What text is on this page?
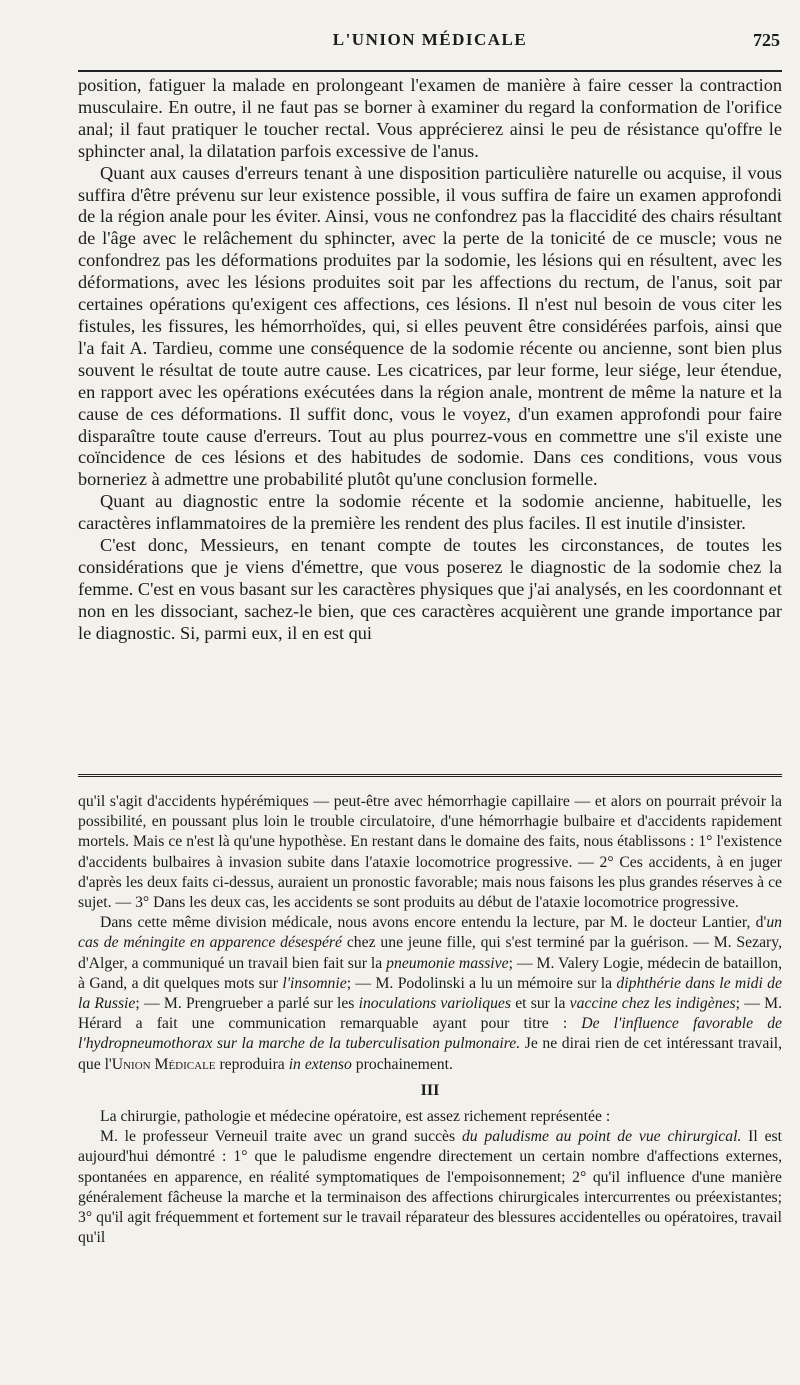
L'UNION MÉDICALE	725

position, fatiguer la malade en prolongeant l'examen de manière à faire cesser la contraction musculaire. En outre, il ne faut pas se borner à examiner du regard la conformation de l'orifice anal; il faut pratiquer le toucher rectal. Vous apprécierez ainsi le peu de résistance qu'offre le sphincter anal, la dilatation parfois excessive de l'anus.

Quant aux causes d'erreurs tenant à une disposition particulière naturelle ou acquise, il vous suffira d'être prévenu sur leur existence possible, il vous suffira de faire un examen approfondi de la région anale pour les éviter. Ainsi, vous ne confondrez pas la flaccidité des chairs résultant de l'âge avec le relâchement du sphincter, avec la perte de la tonicité de ce muscle; vous ne confondrez pas les déformations produites par la sodomie, les lésions qui en résultent, avec les déformations, avec les lésions produites soit par les affections du rectum, de l'anus, soit par certaines opérations qu'exigent ces affections, ces lésions. Il n'est nul besoin de vous citer les fistules, les fissures, les hémorrhoïdes, qui, si elles peuvent être considérées parfois, ainsi que l'a fait A. Tardieu, comme une conséquence de la sodomie récente ou ancienne, sont bien plus souvent le résultat de toute autre cause. Les cicatrices, par leur forme, leur siége, leur étendue, en rapport avec les opérations exécutées dans la région anale, montrent de même la nature et la cause de ces déformations. Il suffit donc, vous le voyez, d'un examen approfondi pour faire disparaître toute cause d'erreurs. Tout au plus pourrez-vous en commettre une s'il existe une coïncidence de ces lésions et des habitudes de sodomie. Dans ces conditions, vous vous borneriez à admettre une probabilité plutôt qu'une conclusion formelle.

Quant au diagnostic entre la sodomie récente et la sodomie ancienne, habituelle, les caractères inflammatoires de la première les rendent des plus faciles. Il est inutile d'insister.

C'est donc, Messieurs, en tenant compte de toutes les circonstances, de toutes les considérations que je viens d'émettre, que vous poserez le diagnostic de la sodomie chez la femme. C'est en vous basant sur les caractères physiques que j'ai analysés, en les coordonnant et non en les dissociant, sachez-le bien, que ces caractères acquièrent une grande importance par le diagnostic. Si, parmi eux, il en est qui

qu'il s'agit d'accidents hypérémiques — peut-être avec hémorrhagie capillaire — et alors on pourrait prévoir la possibilité, en poussant plus loin le trouble circulatoire, d'une hémorrhagie bulbaire et d'accidents rapidement mortels. Mais ce n'est là qu'une hypothèse. En restant dans le domaine des faits, nous établissons : 1° l'existence d'accidents bulbaires à invasion subite dans l'ataxie locomotrice progressive. — 2° Ces accidents, à en juger d'après les deux faits ci-dessus, auraient un pronostic favorable; mais nous faisons les plus grandes réserves à ce sujet. — 3° Dans les deux cas, les accidents se sont produits au début de l'ataxie locomotrice progressive.

Dans cette même division médicale, nous avons encore entendu la lecture, par M. le docteur Lantier, d'un cas de méningite en apparence désespéré chez une jeune fille, qui s'est terminé par la guérison. — M. Sezary, d'Alger, a communiqué un travail bien fait sur la pneumonie massive; — M. Valery Logie, médecin de bataillon, à Gand, a dit quelques mots sur l'insomnie; — M. Podolinski a lu un mémoire sur la diphthérie dans le midi de la Russie; — M. Prengrueber a parlé sur les inoculations varioliques et sur la vaccine chez les indigènes; — M. Hérard a fait une communication remarquable ayant pour titre : De l'influence favorable de l'hydropneumothorax sur la marche de la tuberculisation pulmonaire. Je ne dirai rien de cet intéressant travail, que l'Union Médicale reproduira in extenso prochainement.

III

La chirurgie, pathologie et médecine opératoire, est assez richement représentée :

M. le professeur Verneuil traite avec un grand succès du paludisme au point de vue chirurgical. Il est aujourd'hui démontré : 1° que le paludisme engendre directement un certain nombre d'affections externes, spontanées en apparence, en réalité symptomatiques de l'empoisonnement; 2° qu'il influence d'une manière généralement fâcheuse la marche et la terminaison des affections chirurgicales intercurrentes ou préexistantes; 3° qu'il agit fréquemment et fortement sur le travail réparateur des blessures accidentelles ou opératoires, travail qu'il
